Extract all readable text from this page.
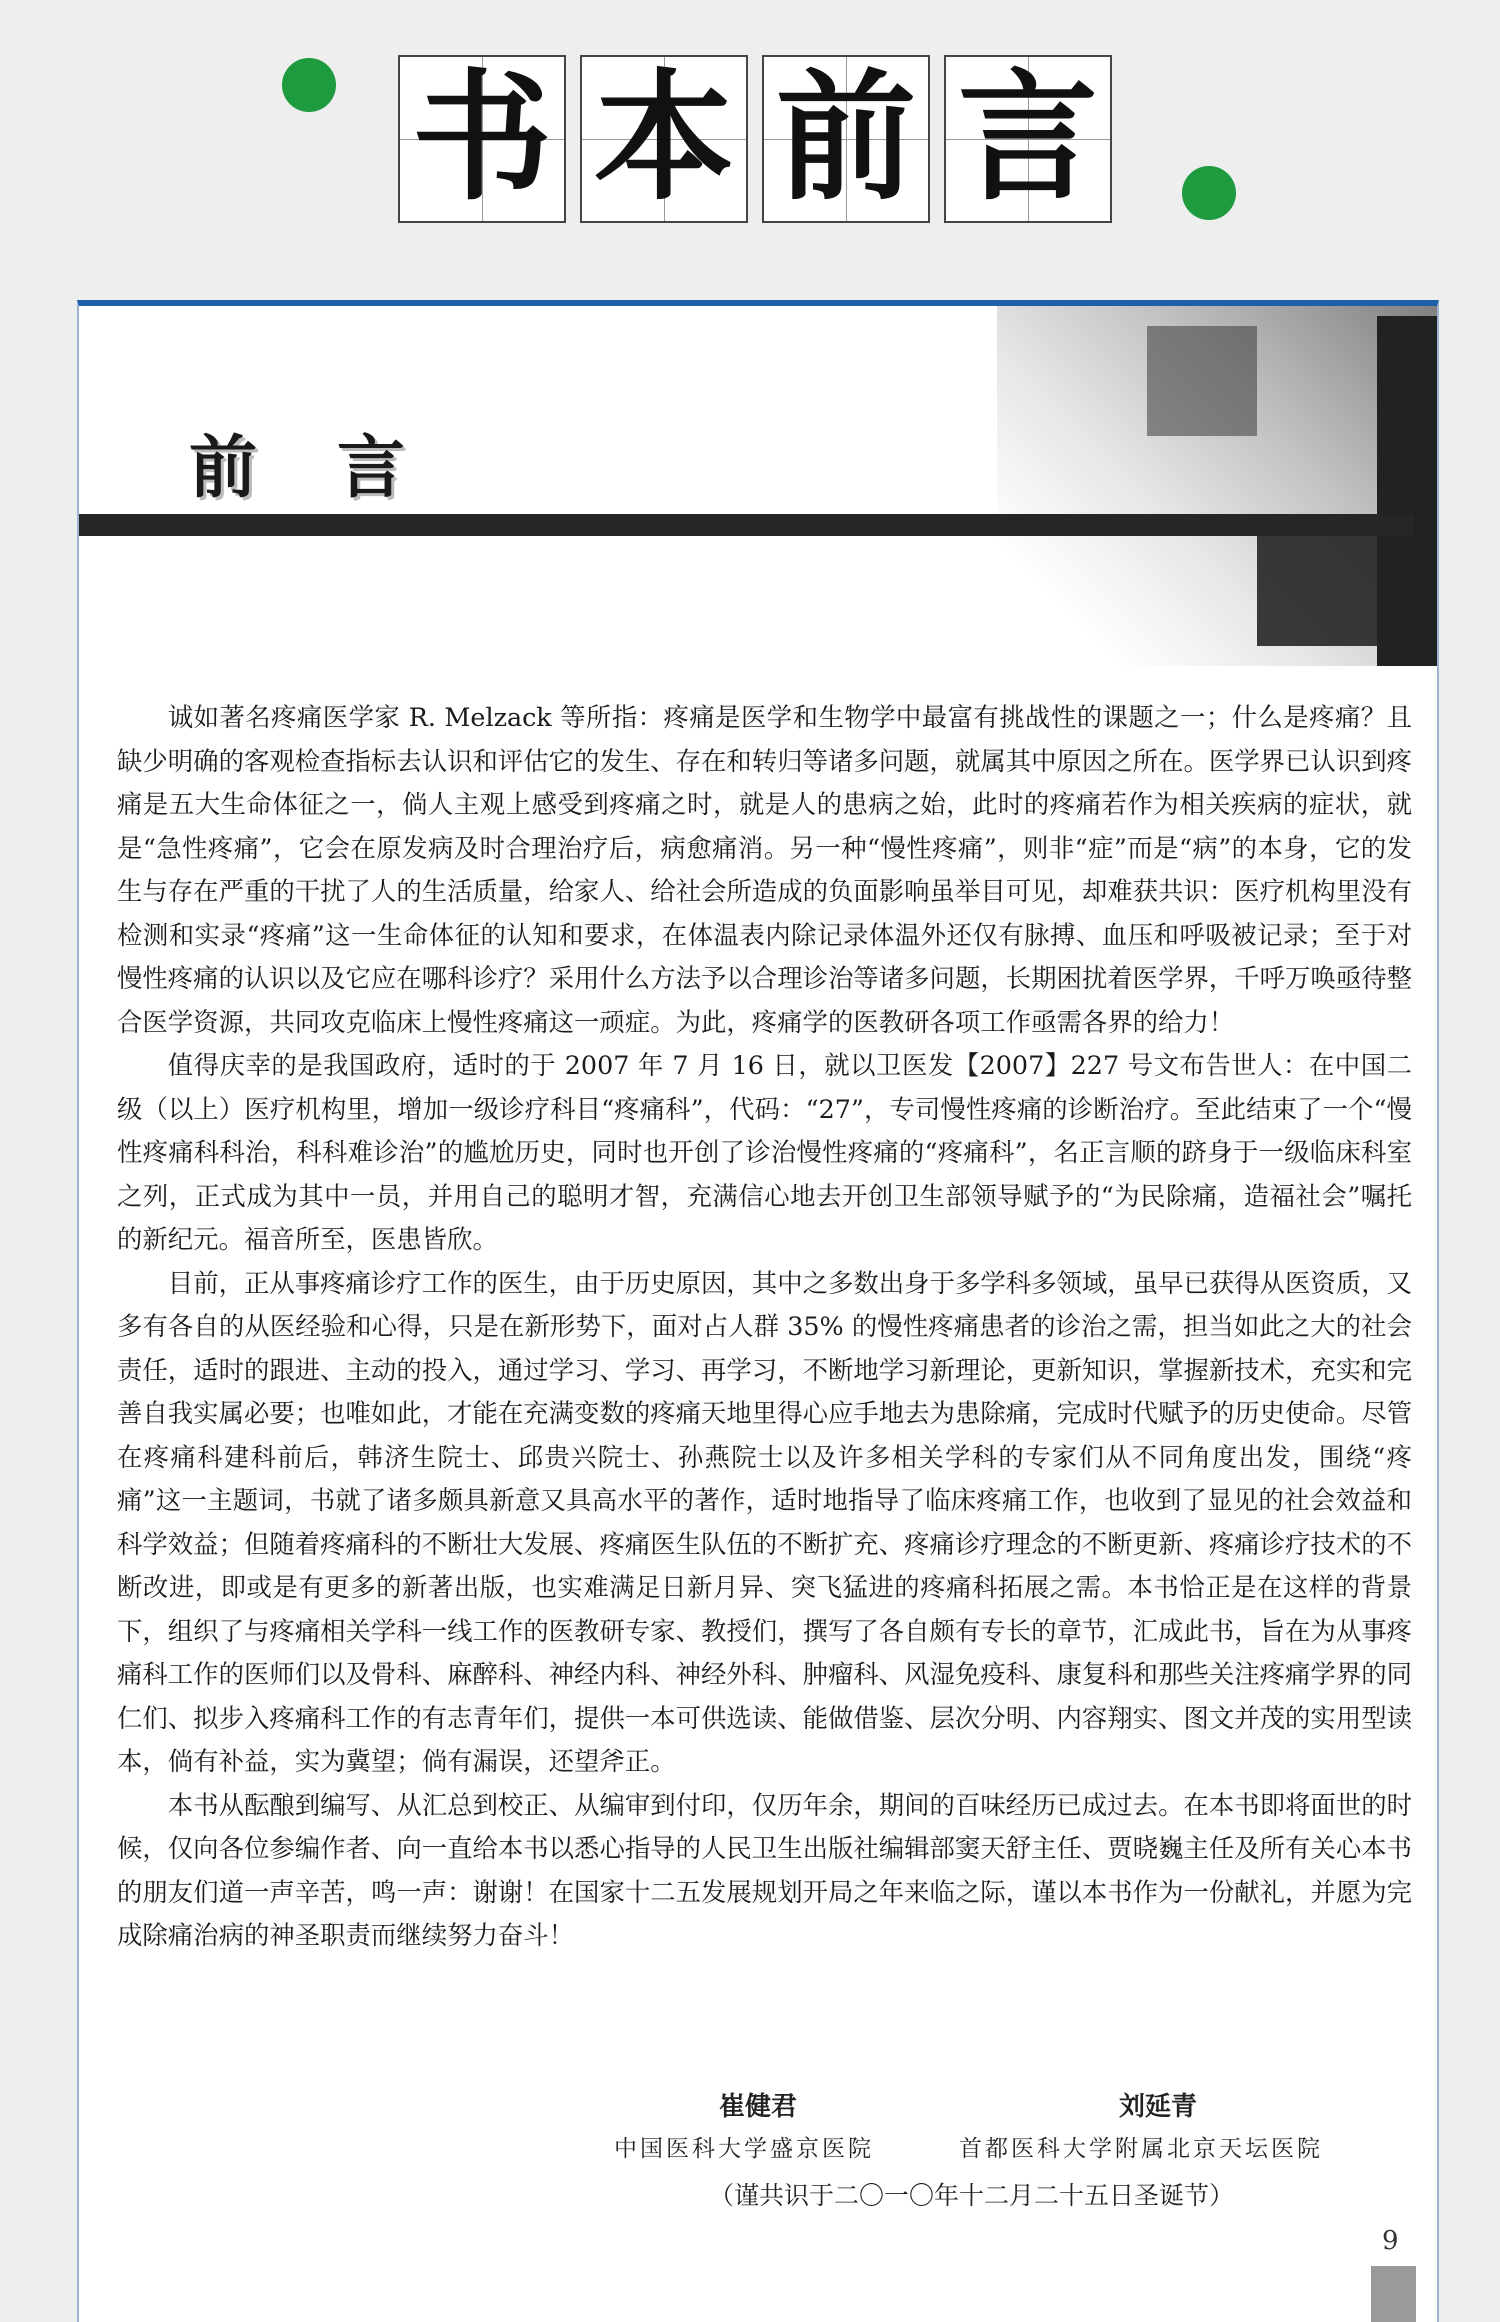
书 本 前 言
前言

诚如著名疼痛医学家 R. Melzack 等所指：疼痛是医学和生物学中最富有挑战性的课题之一；什么是疼痛？且缺少明确的客观检查指标去认识和评估它的发生、存在和转归等诸多问题，就属其中原因之所在。医学界已认识到疼痛是五大生命体征之一，倘人主观上感受到疼痛之时，就是人的患病之始，此时的疼痛若作为相关疾病的症状，就是“急性疼痛”，它会在原发病及时合理治疗后，病愈痛消。另一种“慢性疼痛”，则非“症”而是“病”的本身，它的发生与存在严重的干扰了人的生活质量，给家人、给社会所造成的负面影响虽举目可见，却难获共识：医疗机构里没有检测和实录“疼痛”这一生命体征的认知和要求，在体温表内除记录体温外还仅有脉搏、血压和呼吸被记录；至于对慢性疼痛的认识以及它应在哪科诊疗？采用什么方法予以合理诊治等诸多问题，长期困扰着医学界，千呼万唤亟待整合医学资源，共同攻克临床上慢性疼痛这一顽症。为此，疼痛学的医教研各项工作亟需各界的给力！

值得庆幸的是我国政府，适时的于 2007 年 7 月 16 日，就以卫医发【2007】227 号文布告世人：在中国二级（以上）医疗机构里，增加一级诊疗科目“疼痛科”，代码：“27”，专司慢性疼痛的诊断治疗。至此结束了一个“慢性疼痛科科治，科科难诊治”的尴尬历史，同时也开创了诊治慢性疼痛的“疼痛科”，名正言顺的跻身于一级临床科室之列，正式成为其中一员，并用自己的聪明才智，充满信心地去开创卫生部领导赋予的“为民除痛，造福社会”嘱托的新纪元。福音所至，医患皆欣。

目前，正从事疼痛诊疗工作的医生，由于历史原因，其中之多数出身于多学科多领域，虽早已获得从医资质，又多有各自的从医经验和心得，只是在新形势下，面对占人群 35% 的慢性疼痛患者的诊治之需，担当如此之大的社会责任，适时的跟进、主动的投入，通过学习、学习、再学习，不断地学习新理论，更新知识，掌握新技术，充实和完善自我实属必要；也唯如此，才能在充满变数的疼痛天地里得心应手地去为患除痛，完成时代赋予的历史使命。尽管在疼痛科建科前后，韩济生院士、邱贵兴院士、孙燕院士以及许多相关学科的专家们从不同角度出发，围绕“疼痛”这一主题词，书就了诸多颇具新意又具高水平的著作，适时地指导了临床疼痛工作，也收到了显见的社会效益和科学效益；但随着疼痛科的不断壮大发展、疼痛医生队伍的不断扩充、疼痛诊疗理念的不断更新、疼痛诊疗技术的不断改进，即或是有更多的新著出版，也实难满足日新月异、突飞猛进的疼痛科拓展之需。本书恰正是在这样的背景下，组织了与疼痛相关学科一线工作的医教研专家、教授们，撰写了各自颇有专长的章节，汇成此书，旨在为从事疼痛科工作的医师们以及骨科、麻醉科、神经内科、神经外科、肿瘤科、风湿免疫科、康复科和那些关注疼痛学界的同仁们、拟步入疼痛科工作的有志青年们，提供一本可供选读、能做借鉴、层次分明、内容翔实、图文并茂的实用型读本，倘有补益，实为冀望；倘有漏误，还望斧正。

本书从酝酿到编写、从汇总到校正、从编审到付印，仅历年余，期间的百味经历已成过去。在本书即将面世的时候，仅向各位参编作者、向一直给本书以悉心指导的人民卫生出版社编辑部窦天舒主任、贾晓巍主任及所有关心本书的朋友们道一声辛苦，鸣一声：谢谢！在国家十二五发展规划开局之年来临之际，谨以本书作为一份献礼，并愿为完成除痛治病的神圣职责而继续努力奋斗！

崔健君	刘延青
中国医科大学盛京医院	首都医科大学附属北京天坛医院
（谨共识于二〇一〇年十二月二十五日圣诞节）
9
